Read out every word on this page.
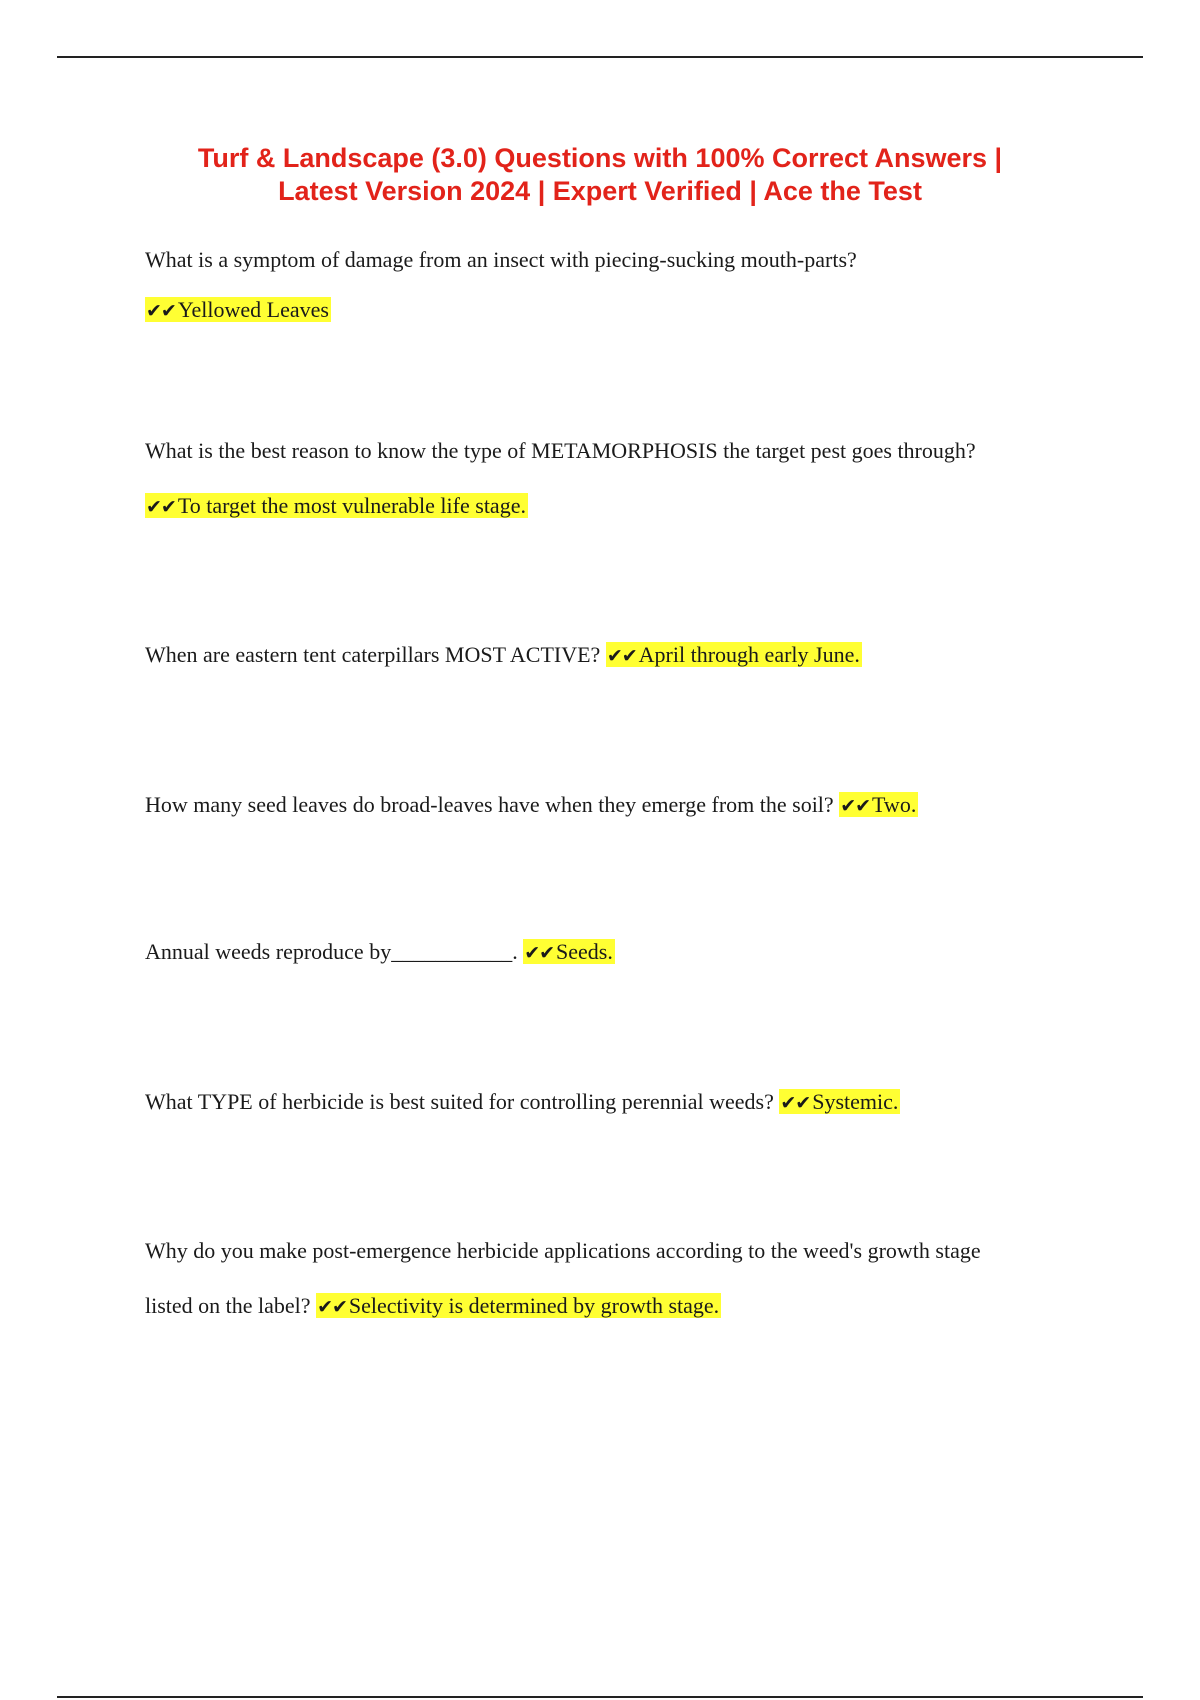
Turf & Landscape (3.0) Questions with 100% Correct Answers |
Latest Version 2024 | Expert Verified | Ace the Test
What is a symptom of damage from an insect with piecing-sucking mouth-parts?
✔✔Yellowed Leaves
What is the best reason to know the type of METAMORPHOSIS the target pest goes through?
✔✔To target the most vulnerable life stage.
When are eastern tent caterpillars MOST ACTIVE? ✔✔April through early June.
How many seed leaves do broad-leaves have when they emerge from the soil? ✔✔Two.
Annual weeds reproduce by___________. ✔✔Seeds.
What TYPE of herbicide is best suited for controlling perennial weeds? ✔✔Systemic.
Why do you make post-emergence herbicide applications according to the weed's growth stage
listed on the label? ✔✔Selectivity is determined by growth stage.
